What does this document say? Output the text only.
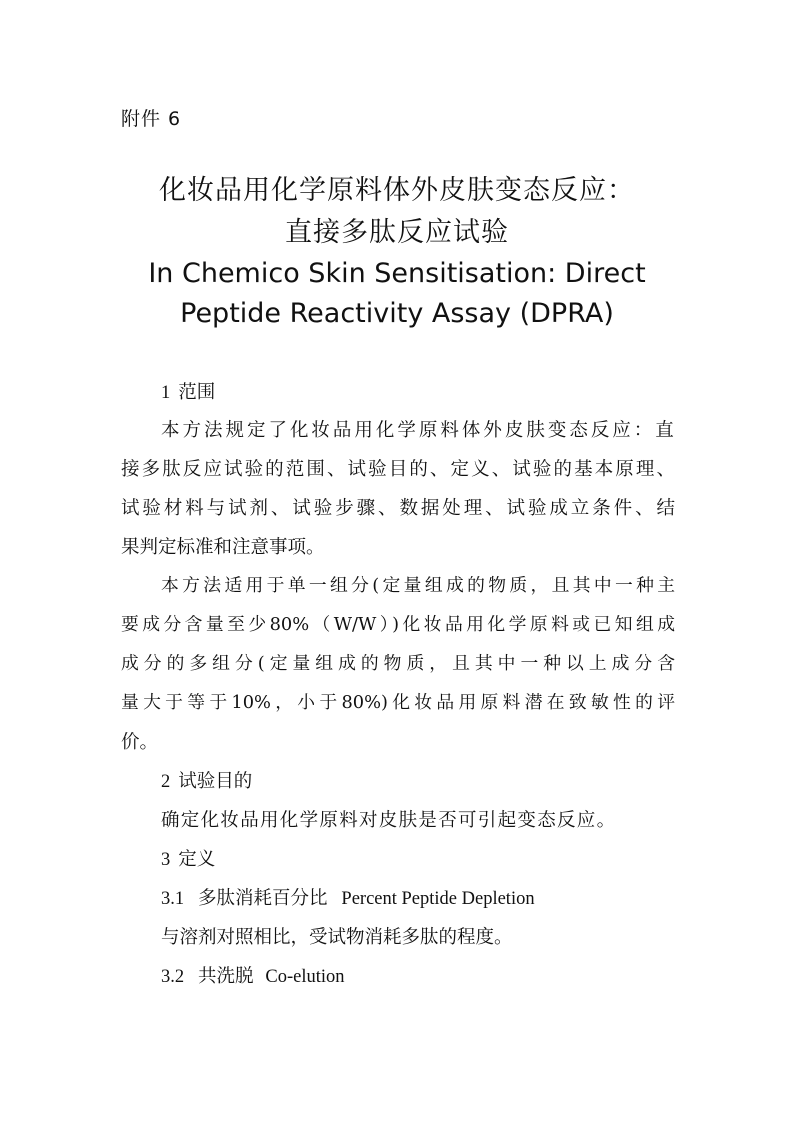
附件 6
化妆品用化学原料体外皮肤变态反应：
直接多肽反应试验
In Chemico Skin Sensitisation: Direct
Peptide Reactivity Assay (DPRA)
1 范围
本方法规定了化妆品用化学原料体外皮肤变态反应：直
接多肽反应试验的范围、试验目的、定义、试验的基本原理、
试验材料与试剂、试验步骤、数据处理、试验成立条件、结
果判定标准和注意事项。
本方法适用于单一组分(定量组成的物质，且其中一种主
要成分含量至少80%（W/W）)化妆品用化学原料或已知组成
成分的多组分(定量组成的物质，且其中一种以上成分含
量大于等于10%，小于80%)化妆品用原料潜在致敏性的评
价。
2 试验目的
确定化妆品用化学原料对皮肤是否可引起变态反应。
3 定义
3.1 多肽消耗百分比 Percent Peptide Depletion
与溶剂对照相比，受试物消耗多肽的程度。
3.2 共洗脱 Co-elution
